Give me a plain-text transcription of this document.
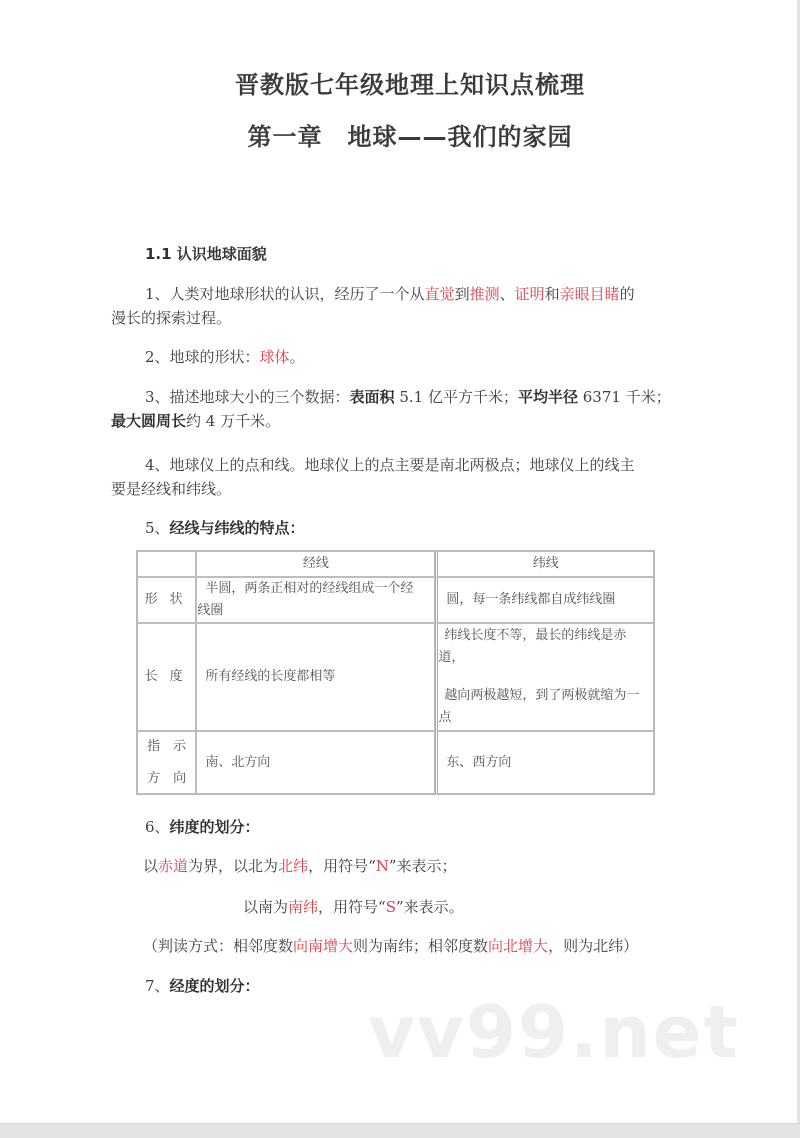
晋教版七年级地理上知识点梳理
第一章　地球——我们的家园
1.1 认识地球面貌
1、人类对地球形状的认识，经历了一个从直觉到推测、证明和亲眼目睹的
漫长的探索过程。
2、地球的形状：球体。
3、描述地球大小的三个数据：表面积 5.1 亿平方千米；平均半径 6371 千米；
最大圆周长约 4 万千米。
4、地球仪上的点和线。地球仪上的点主要是南北两极点；地球仪上的线主
要是经线和纬线。
5、经线与纬线的特点：
	经线	纬线
形状	半圆，两条正相对的经线组成一个经
线圈	圆，每一条纬线都自成纬线圈

长度	所有经线的长度都相等	纬线长度不等，最长的纬线是赤
道，
越向两极越短，到了两极就缩为一
点

指　示
方　向	南、北方向	东、西方向
6、纬度的划分：
以赤道为界，以北为北纬，用符号“N”来表示；
以南为南纬，用符号“S”来表示。
（判读方式：相邻度数向南增大则为南纬；相邻度数向北增大，则为北纬）
7、经度的划分：
vv99.net
